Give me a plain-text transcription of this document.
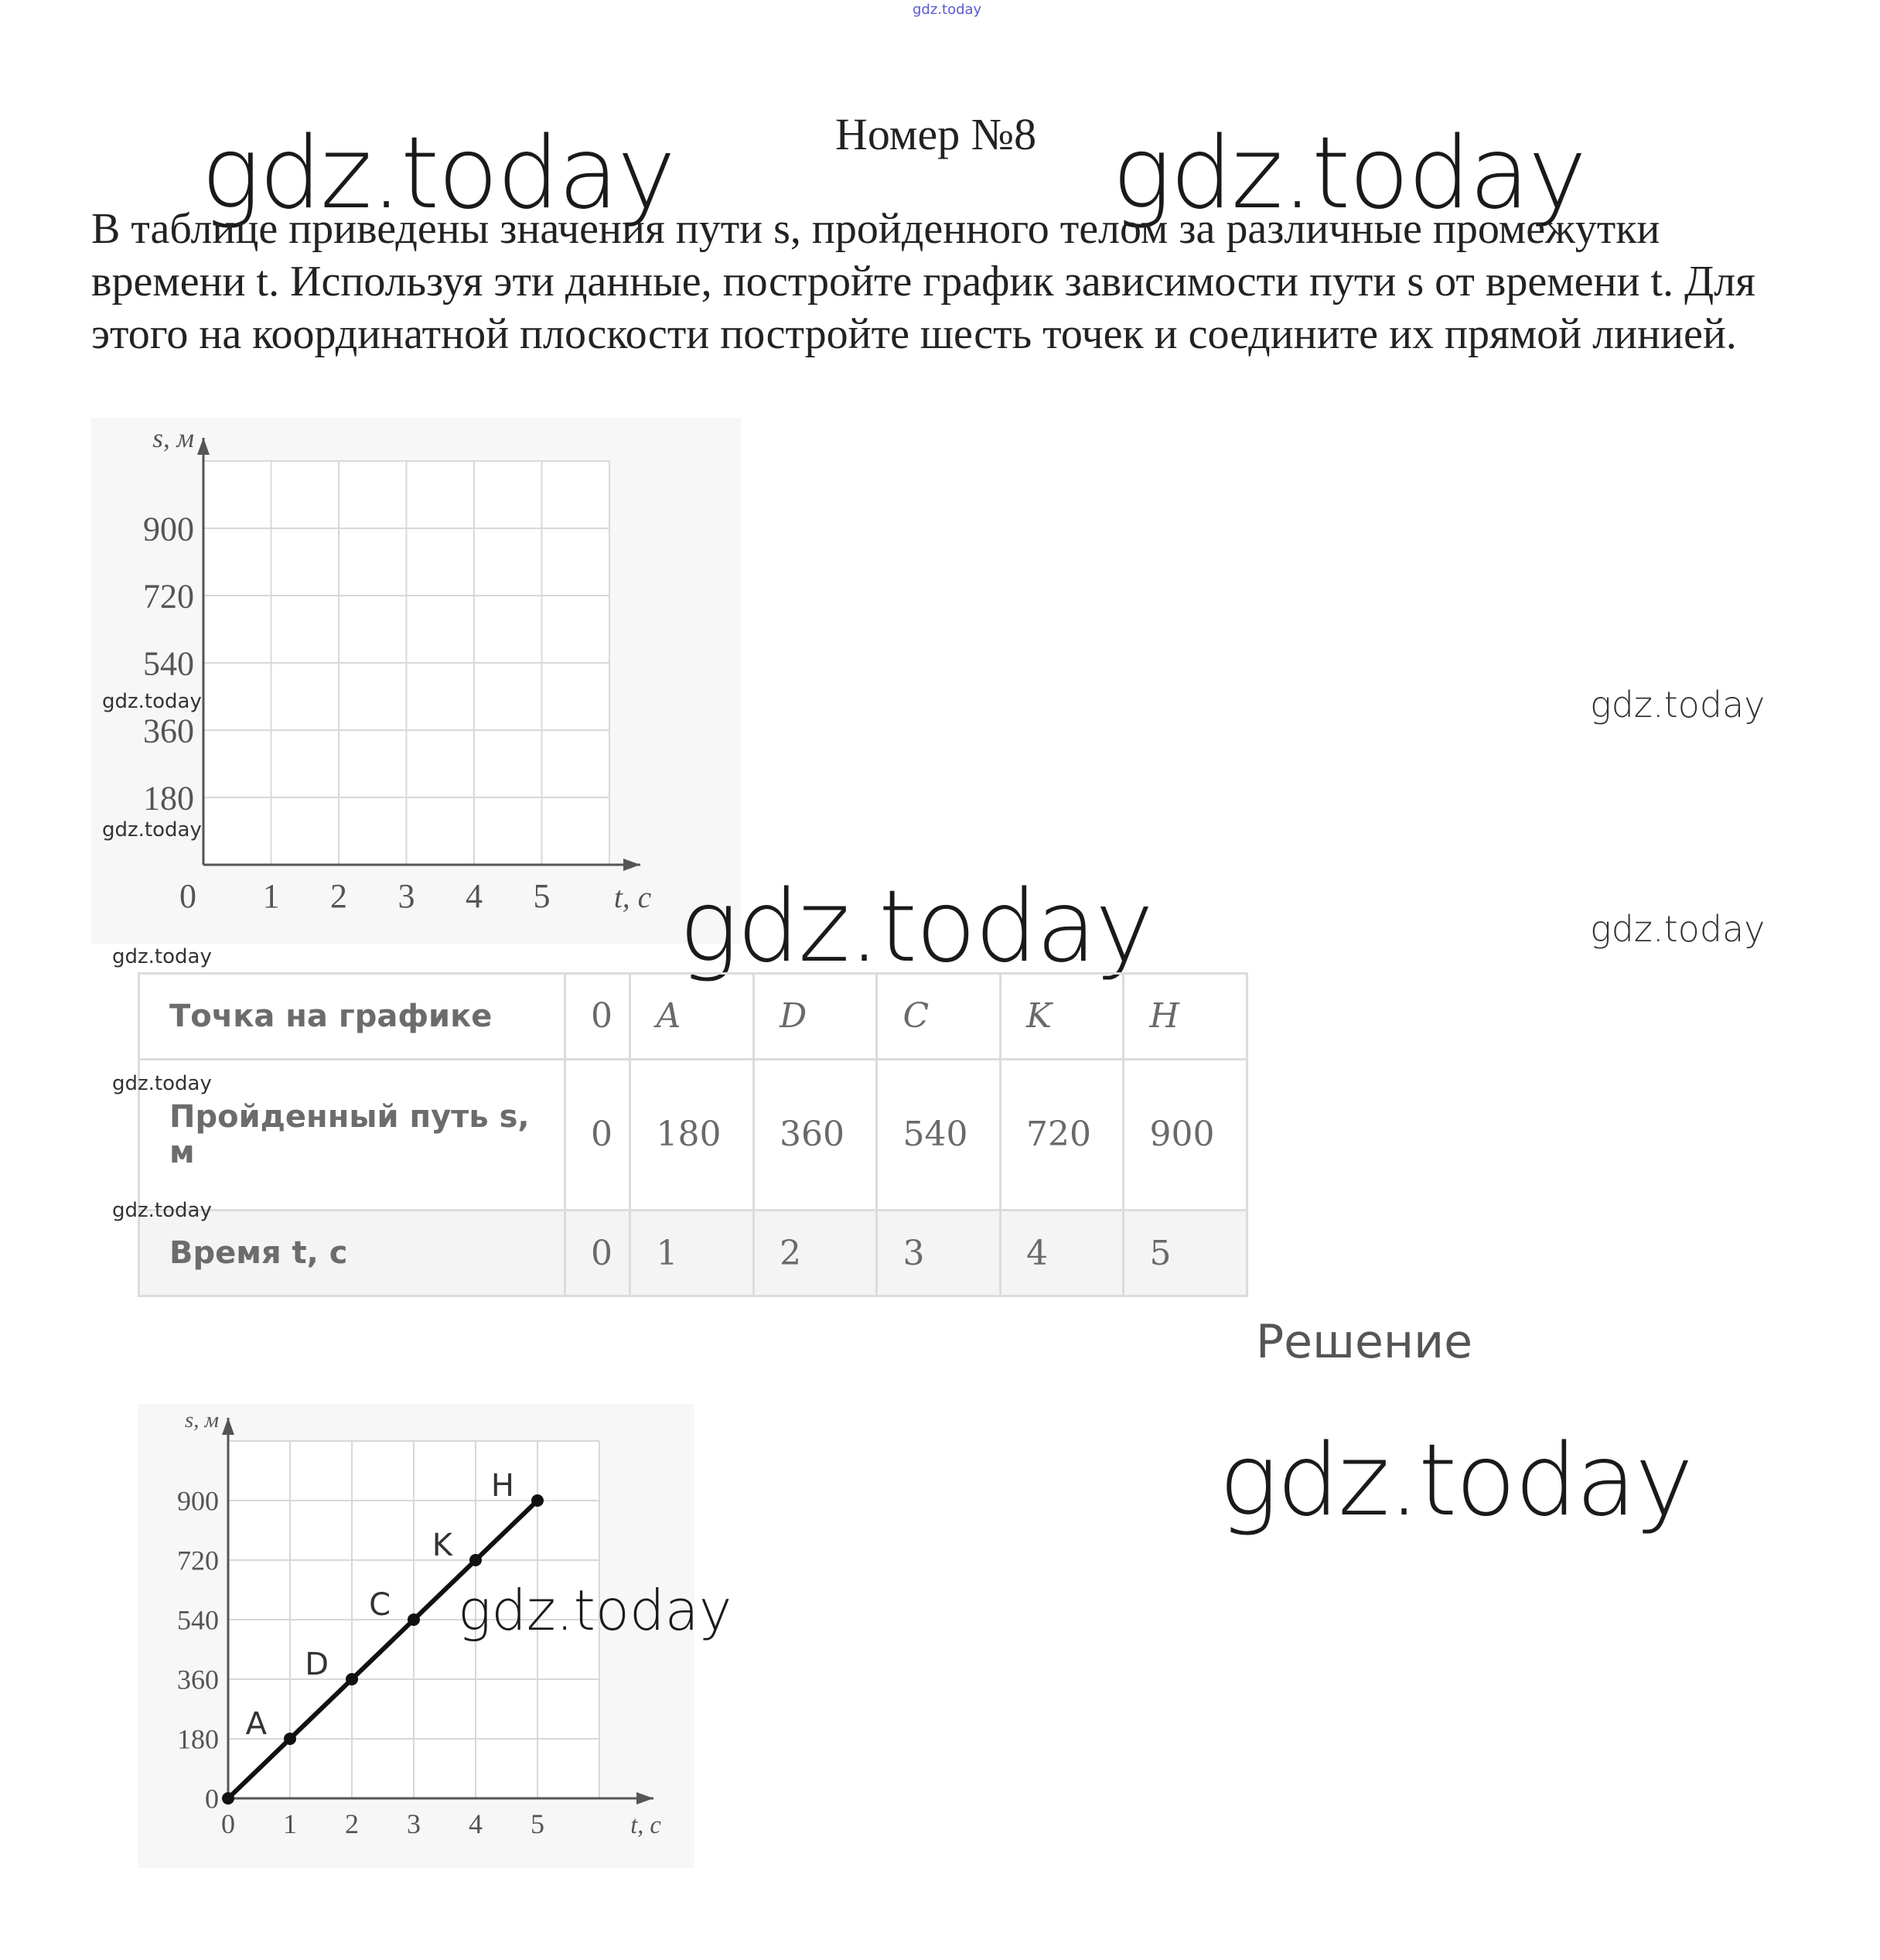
gdz.today
Номер №8
gdz.today	gdz.today
В таблице приведены значения пути s, пройденного телом за различные промежутки времени t. Используя эти данные, постройте график зависимости пути s от времени t. Для этого на координатной плоскости постройте шесть точек и соедините их прямой линией.
180
360
540
720
900
0 1 2 3 4 5
s, м
t, с
gdz.today
gdz.today
gdz.today
Точка на графике	0	A	D	C	K	H
Пройденный путь s, м	0	180	360	540	720	900
Время t, с	0	1	2	3	4	5
gdz.today
gdz.today
gdz.today
gdz.today
gdz.today
Решение
gdz.today
0
180
360
540
720
900
0 1 2 3 4 5
s, м
t, с
A
D
C
K
H
gdz.today
